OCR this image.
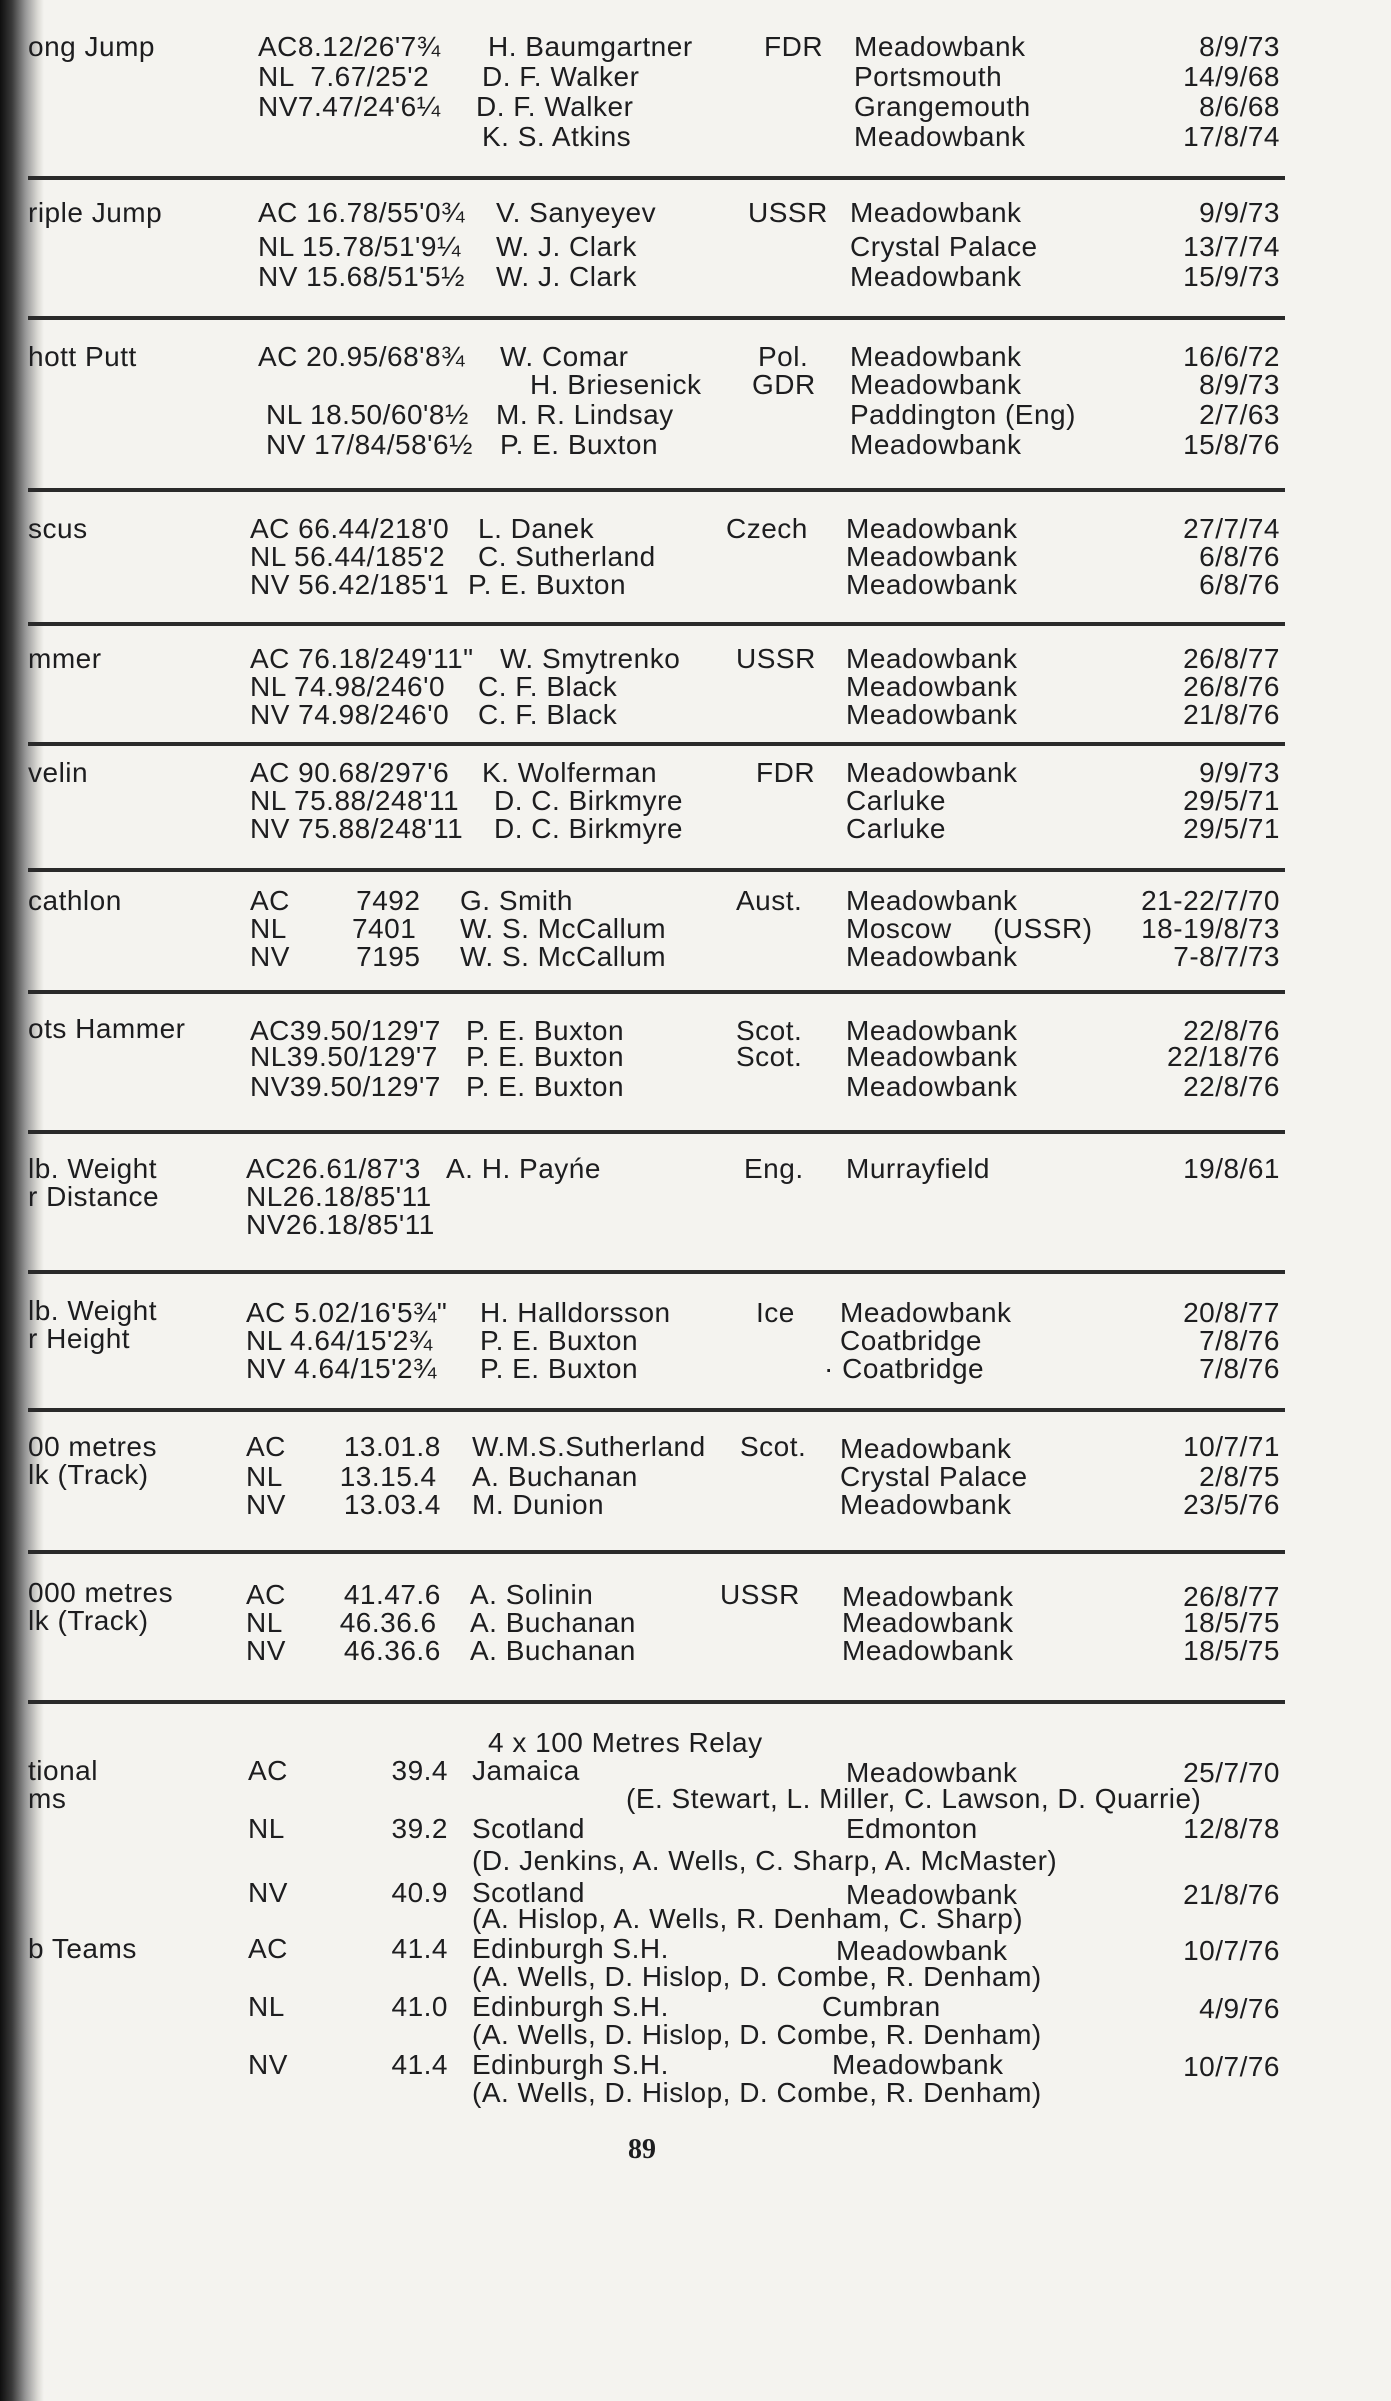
ong Jump	AC8.12/26'7¾ H. Baumgartner	FDR Meadowbank	8/9/73
NL  7.67/25'2 D. F. Walker	Portsmouth	14/9/68
NV7.47/24'6¼ D. F. Walker	Grangemouth	8/6/68
K. S. Atkins	Meadowbank	17/8/74
riple Jump	AC 16.78/55'0¾ V. Sanyeyev	USSR Meadowbank	9/9/73
NL 15.78/51'9¼ W. J. Clark	Crystal Palace	13/7/74
NV 15.68/51'5½ W. J. Clark	Meadowbank	15/9/73
hott Putt	AC 20.95/68'8¾ W. Comar	Pol. Meadowbank	16/6/72
H. Briesenick GDR Meadowbank	8/9/73
NL 18.50/60'8½ M. R. Lindsay	Paddington (Eng)	2/7/63
NV 17/84/58'6½ P. E. Buxton	Meadowbank	15/8/76
scus	AC 66.44/218'0 L. Danek	Czech Meadowbank	27/7/74
NL 56.44/185'2 C. Sutherland	Meadowbank	6/8/76
NV 56.42/185'1 P. E. Buxton	Meadowbank	6/8/76
mmer	AC 76.18/249'11" W. Smytrenko USSR Meadowbank	26/8/77
NL 74.98/246'0 C. F. Black	Meadowbank	26/8/76
NV 74.98/246'0 C. F. Black	Meadowbank	21/8/76
velin	AC 90.68/297'6 K. Wolferman	FDR Meadowbank	9/9/73
NL 75.88/248'11 D. C. Birkmyre	Carluke	29/5/71
NV 75.88/248'11 D. C. Birkmyre	Carluke	29/5/71
cathlon	AC        7492 G. Smith	Aust. Meadowbank	21-22/7/70
NL        7401 W. S. McCallum	Moscow     (USSR)	18-19/8/73
NV        7195 W. S. McCallum	Meadowbank	7-8/7/73
ots Hammer AC39.50/129'7 P. E. Buxton	Scot. Meadowbank	22/8/76
NL39.50/129'7 P. E. Buxton	Scot. Meadowbank	22/18/76
NV39.50/129'7 P. E. Buxton	Meadowbank	22/8/76
lb. Weight
r Distance
AC26.61/87'3 A. H. Payńe	Eng. Murrayfield	19/8/61
NL26.18/85'11
NV26.18/85'11
lb. Weight
r Height
AC 5.02/16'5¾" H. Halldorsson	Ice Meadowbank	20/8/77
NL 4.64/15'2¾ P. E. Buxton	Coatbridge	7/8/76
NV 4.64/15'2¾ P. E. Buxton	· Coatbridge	7/8/76
00 metres
lk (Track)
AC       13.01.8 W.M.S.Sutherland Scot. Meadowbank	10/7/71
NL       13.15.4 A. Buchanan	Crystal Palace	2/8/75
NV       13.03.4 M. Dunion	Meadowbank	23/5/76
000 metres
lk (Track)
AC       41.47.6 A. Solinin	USSR Meadowbank	26/8/77
NL       46.36.6 A. Buchanan	Meadowbank	18/5/75
NV       46.36.6 A. Buchanan	Meadowbank	18/5/75
4 x 100 Metres Relay
tional
ms
AC	39.4 Jamaica	Meadowbank	25/7/70
(E. Stewart, L. Miller, C. Lawson, D. Quarrie)
NL	39.2 Scotland	Edmonton	12/8/78
(D. Jenkins, A. Wells, C. Sharp, A. McMaster)
NV	40.9 Scotland	Meadowbank	21/8/76
(A. Hislop, A. Wells, R. Denham, C. Sharp)
b Teams	AC	41.4 Edinburgh S.H.	Meadowbank	10/7/76
(A. Wells, D. Hislop, D. Combe, R. Denham)
NL	41.0 Edinburgh S.H.	Cumbran	4/9/76
(A. Wells, D. Hislop, D. Combe, R. Denham)
NV	41.4 Edinburgh S.H.	Meadowbank	10/7/76
(A. Wells, D. Hislop, D. Combe, R. Denham)
89
